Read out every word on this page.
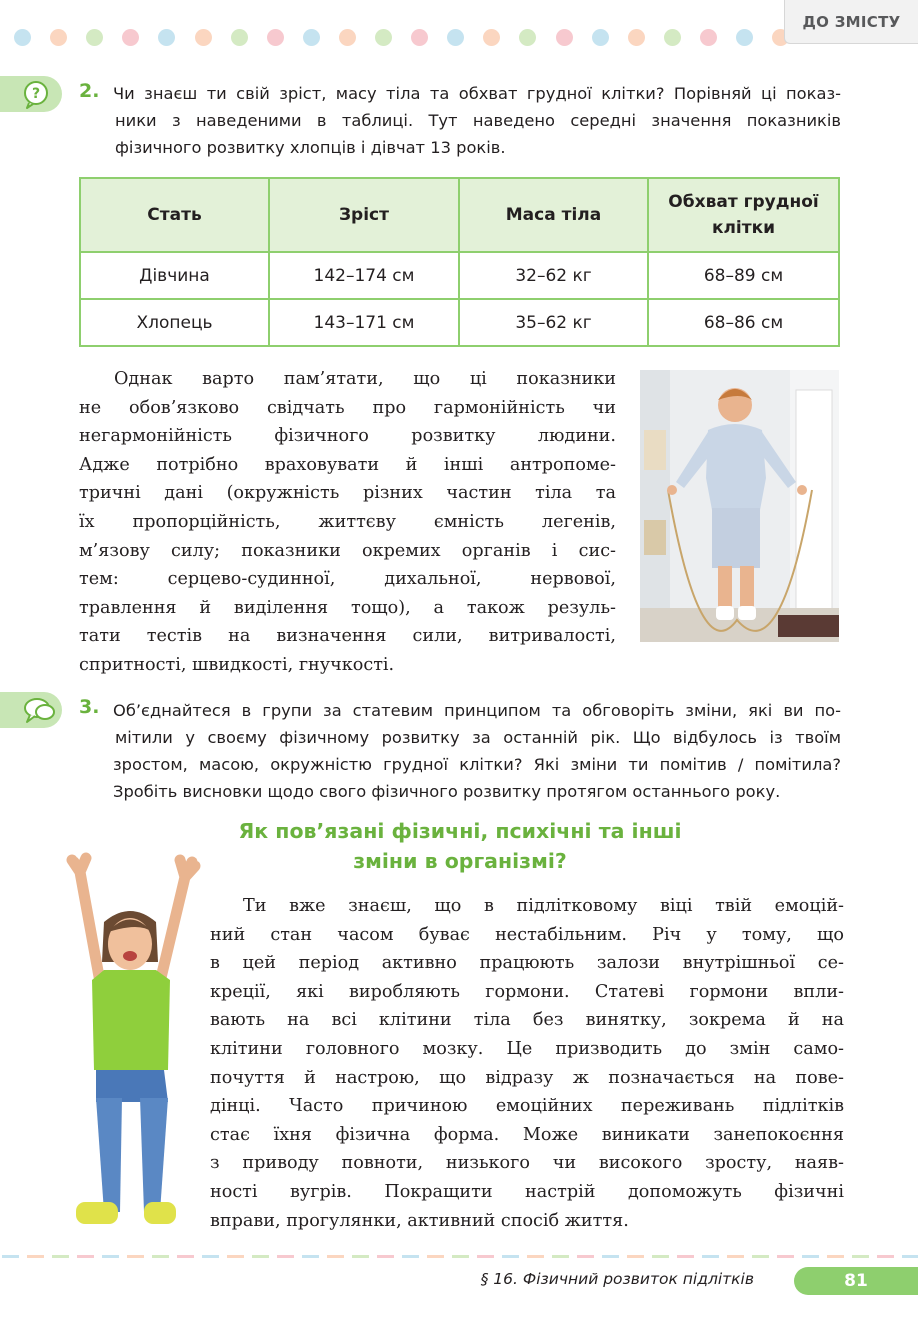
ДО ЗМІСТУ
? 2. Чи знаєш ти свій зріст, масу тіла та обхват грудної клітки? Порівняй ці показ-
ники з наведеними в таблиці. Тут наведено середні значення показників
фізичного розвитку хлопців і дівчат 13 років.
Стать	Зріст	Маса тіла	Обхват грудної клітки
Дівчина	142–174 см	32–62 кг	68–89 см
Хлопець	143–171 см	35–62 кг	68–86 см
Однак варто пам’ятати, що ці показники
не обов’язково свідчать про гармонійність чи
негармонійність фізичного розвитку людини.
Адже потрібно враховувати й інші антропоме-
тричні дані (окружність різних частин тіла та
їх пропорційність, життєву ємність легенів,
м’язову силу; показники окремих органів і сис-
тем: серцево-судинної, дихальної, нервової,
травлення й виділення тощо), а також резуль-
тати тестів на визначення сили, витривалості,
спритності, швидкості, гнучкості.
3. Об’єднайтеся в групи за статевим принципом та обговоріть зміни, які ви по-
мітили у своєму фізичному розвитку за останній рік. Що відбулось із твоїм
зростом, масою, окружністю грудної клітки? Які зміни ти помітив / помітила?
Зробіть висновки щодо свого фізичного розвитку протягом останнього року.
Як пов’язані фізичні, психічні та інші
зміни в організмі?
Ти вже знаєш, що в підлітковому віці твій емоцій-
ний стан часом буває нестабільним. Річ у тому, що
в цей період активно працюють залози внутрішньої се-
креції, які виробляють гормони. Статеві гормони впли-
вають на всі клітини тіла без винятку, зокрема й на
клітини головного мозку. Це призводить до змін само-
почуття й настрою, що відразу ж позначається на пове-
дінці. Часто причиною емоційних переживань підлітків
стає їхня фізична форма. Може виникати занепокоєння
з приводу повноти, низького чи високого зросту, наяв-
ності вугрів. Покращити настрій допоможуть фізичні
вправи, прогулянки, активний спосіб життя.
§ 16. Фізичний розвиток підлітків	81
